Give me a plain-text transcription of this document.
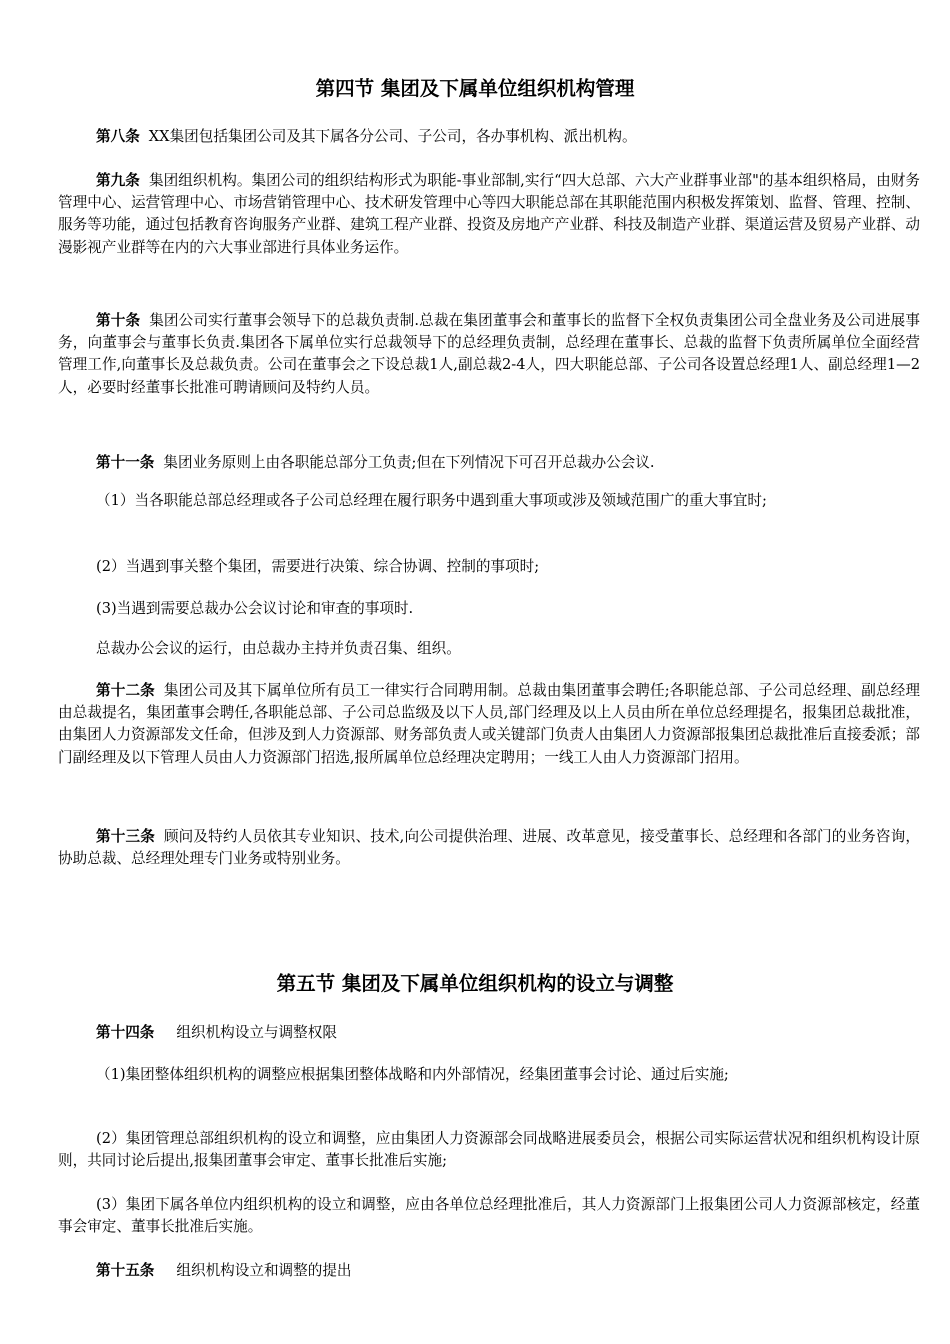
第四节 集团及下属单位组织机构管理

第八条 XX集团包括集团公司及其下属各分公司、子公司，各办事机构、派出机构。

第九条 集团组织机构。集团公司的组织结构形式为职能-事业部制,实行“四大总部、六大产业群事业部"的基本组织格局，由财务管理中心、运营管理中心、市场营销管理中心、技术研发管理中心等四大职能总部在其职能范围内积极发挥策划、监督、管理、控制、服务等功能，通过包括教育咨询服务产业群、建筑工程产业群、投资及房地产产业群、科技及制造产业群、渠道运营及贸易产业群、动漫影视产业群等在内的六大事业部进行具体业务运作。

第十条 集团公司实行董事会领导下的总裁负责制.总裁在集团董事会和董事长的监督下全权负责集团公司全盘业务及公司进展事务，向董事会与董事长负责.集团各下属单位实行总裁领导下的总经理负责制，总经理在董事长、总裁的监督下负责所属单位全面经营管理工作,向董事长及总裁负责。公司在董事会之下设总裁1人,副总裁2-4人，四大职能总部、子公司各设置总经理1人、副总经理1—2人，必要时经董事长批准可聘请顾问及特约人员。

第十一条 集团业务原则上由各职能总部分工负责;但在下列情况下可召开总裁办公会议.

（1）当各职能总部总经理或各子公司总经理在履行职务中遇到重大事项或涉及领域范围广的重大事宜时;

(2）当遇到事关整个集团，需要进行决策、综合协调、控制的事项时;

(3)当遇到需要总裁办公会议讨论和审查的事项时.

总裁办公会议的运行，由总裁办主持并负责召集、组织。

第十二条 集团公司及其下属单位所有员工一律实行合同聘用制。总裁由集团董事会聘任;各职能总部、子公司总经理、副总经理由总裁提名，集团董事会聘任,各职能总部、子公司总监级及以下人员,部门经理及以上人员由所在单位总经理提名，报集团总裁批准，由集团人力资源部发文任命，但涉及到人力资源部、财务部负责人或关键部门负责人由集团人力资源部报集团总裁批准后直接委派；部门副经理及以下管理人员由人力资源部门招选,报所属单位总经理决定聘用；一线工人由人力资源部门招用。

第十三条 顾问及特约人员依其专业知识、技术,向公司提供治理、进展、改革意见，接受董事长、总经理和各部门的业务咨询，协助总裁、总经理处理专门业务或特别业务。

第五节 集团及下属单位组织机构的设立与调整

第十四条 组织机构设立与调整权限

（1)集团整体组织机构的调整应根据集团整体战略和内外部情况，经集团董事会讨论、通过后实施;

(2）集团管理总部组织机构的设立和调整，应由集团人力资源部会同战略进展委员会，根据公司实际运营状况和组织机构设计原则，共同讨论后提出,报集团董事会审定、董事长批准后实施;

(3）集团下属各单位内组织机构的设立和调整，应由各单位总经理批准后，其人力资源部门上报集团公司人力资源部核定，经董事会审定、董事长批准后实施。

第十五条 组织机构设立和调整的提出
